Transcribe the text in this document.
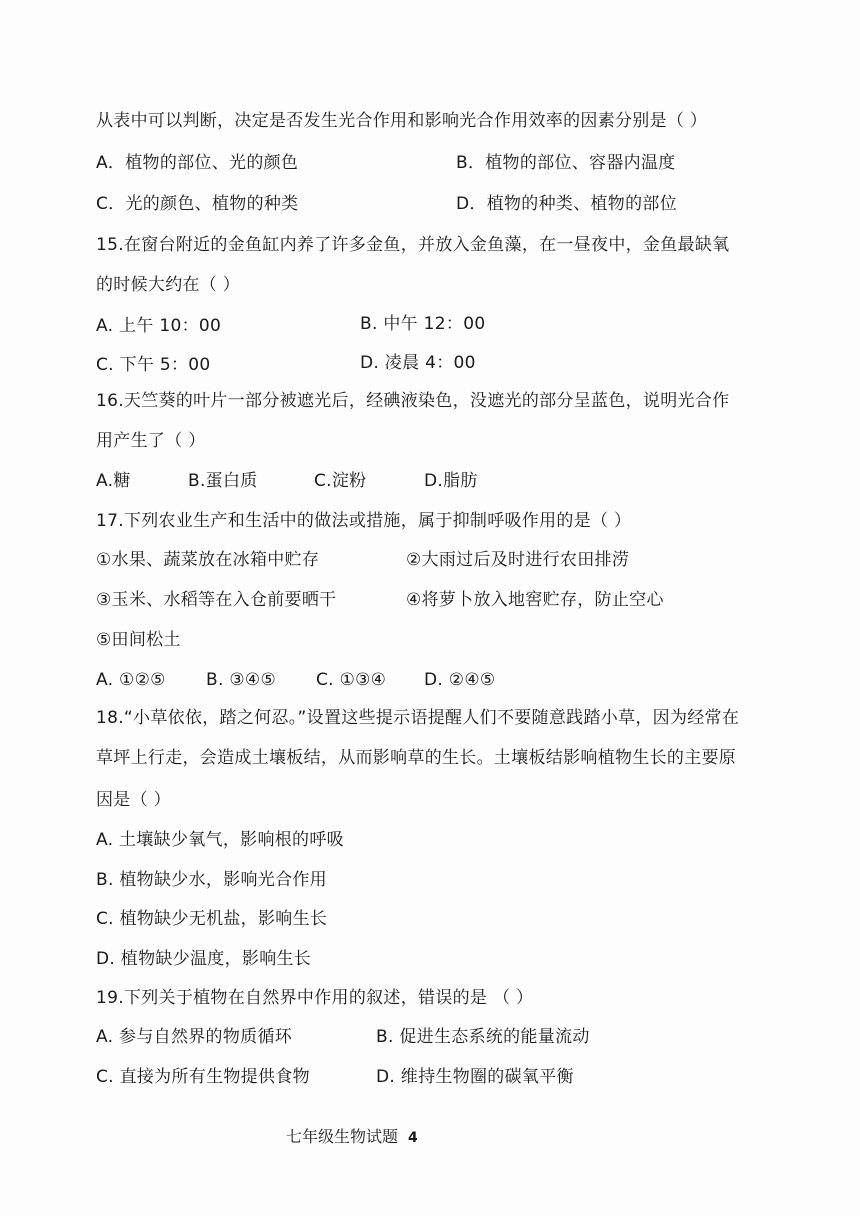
从表中可以判断，决定是否发生光合作用和影响光合作用效率的因素分别是（ ）
A．植物的部位、光的颜色	B．植物的部位、容器内温度
C．光的颜色、植物的种类	D．植物的种类、植物的部位
15.在窗台附近的金鱼缸内养了许多金鱼，并放入金鱼藻，在一昼夜中，金鱼最缺氧
的时候大约在（ ）
A. 上午 10：00	B. 中午 12：00
C. 下午 5：00	D. 凌晨 4：00
16.天竺葵的叶片一部分被遮光后，经碘液染色，没遮光的部分呈蓝色，说明光合作
用产生了（ ）
A.糖	B.蛋白质	C.淀粉	D.脂肪
17.下列农业生产和生活中的做法或措施，属于抑制呼吸作用的是（ ）
①水果、蔬菜放在冰箱中贮存	②大雨过后及时进行农田排涝
③玉米、水稻等在入仓前要晒干	④将萝卜放入地窖贮存，防止空心
⑤田间松土
A. ①②⑤ B. ③④⑤ C. ①③④ D. ②④⑤
18.“小草依依，踏之何忍。”设置这些提示语提醒人们不要随意践踏小草，因为经常在
草坪上行走，会造成土壤板结，从而影响草的生长。土壤板结影响植物生长的主要原
因是（ ）
A. 土壤缺少氧气，影响根的呼吸
B. 植物缺少水，影响光合作用
C. 植物缺少无机盐，影响生长
D. 植物缺少温度，影响生长
19.下列关于植物在自然界中作用的叙述，错误的是 （ ）
A. 参与自然界的物质循环	B. 促进生态系统的能量流动
C. 直接为所有生物提供食物	D. 维持生物圈的碳氧平衡
七年级生物试题 4
